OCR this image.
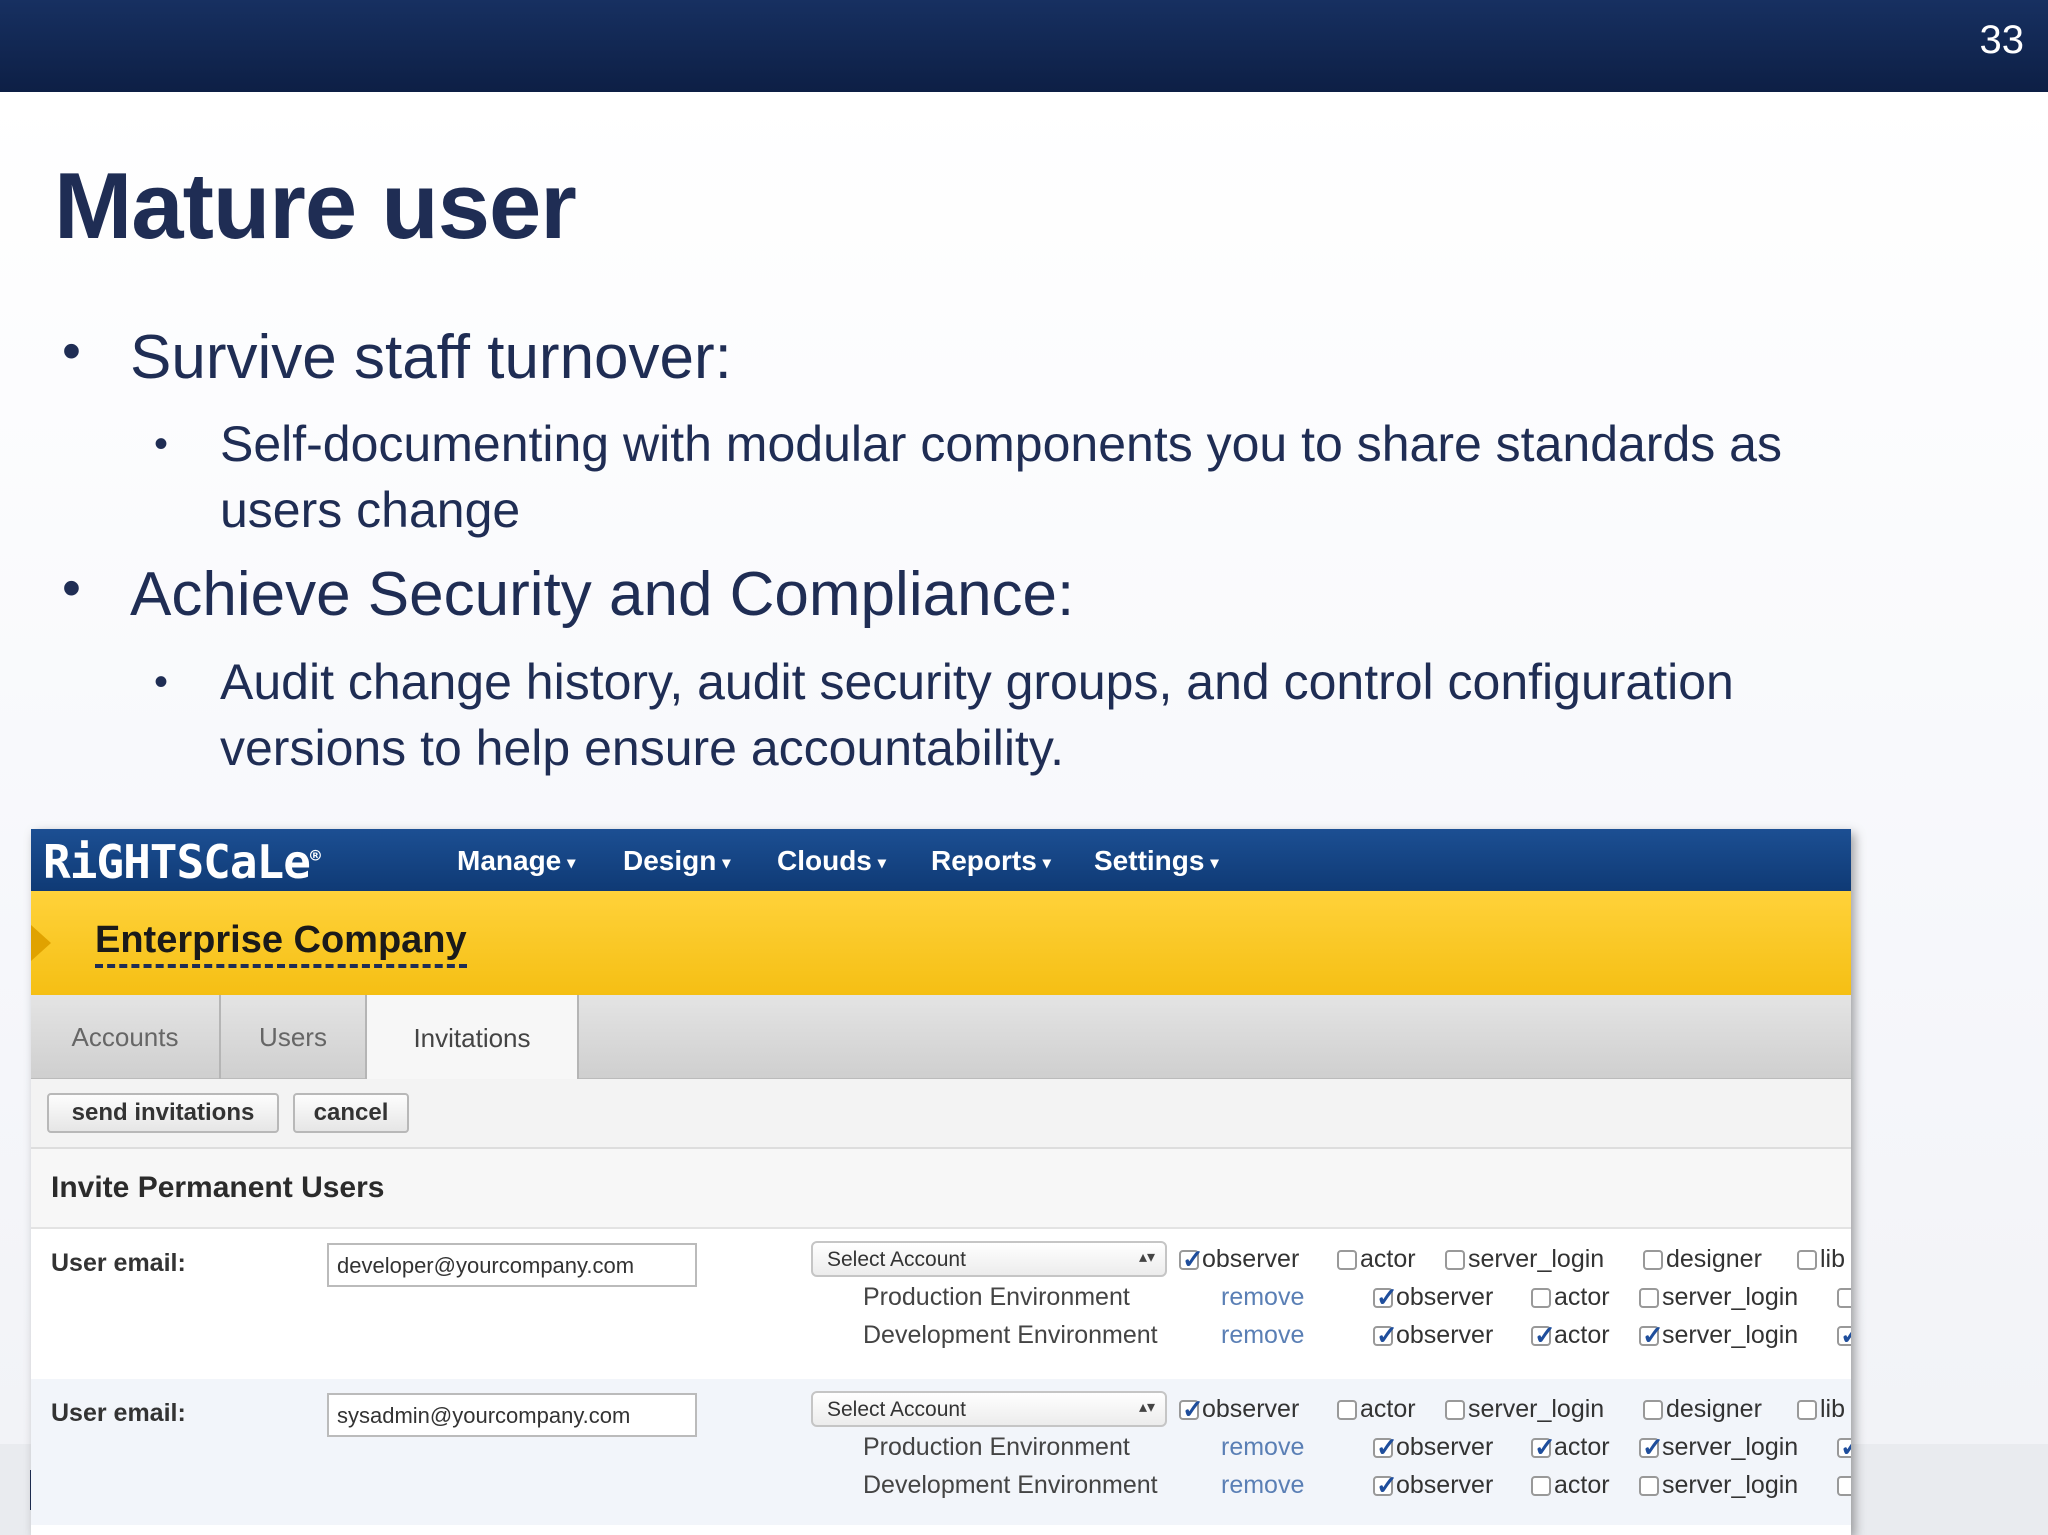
33
Mature user
• Survive staff turnover:
• Self-documenting with modular components you to share standards as
users change
• Achieve Security and Compliance:
• Audit change history, audit security groups, and control configuration
versions to help ensure accountability.
RiGHTSCaLe®	Manage ▾ Design ▾ Clouds ▾ Reports ▾ Settings ▾
Enterprise Company
Accounts	Users	Invitations
send invitations	cancel
Invite Permanent Users
User email:	developer@yourcompany.com	Select Account	▴▾ ✓	observer	actor	server_login	designer	lib
Production Environment	remove ✓	observer	actor	server_login
Development Environment	remove ✓	observer ✓	actor ✓	server_login
✓
User email:	sysadmin@yourcompany.com	Select Account	▴▾ ✓	observer	actor	server_login	designer	lib
Production Environment	remove ✓	observer ✓	actor ✓	server_login
✓
Development Environment	remove ✓	observer	actor	server_login
